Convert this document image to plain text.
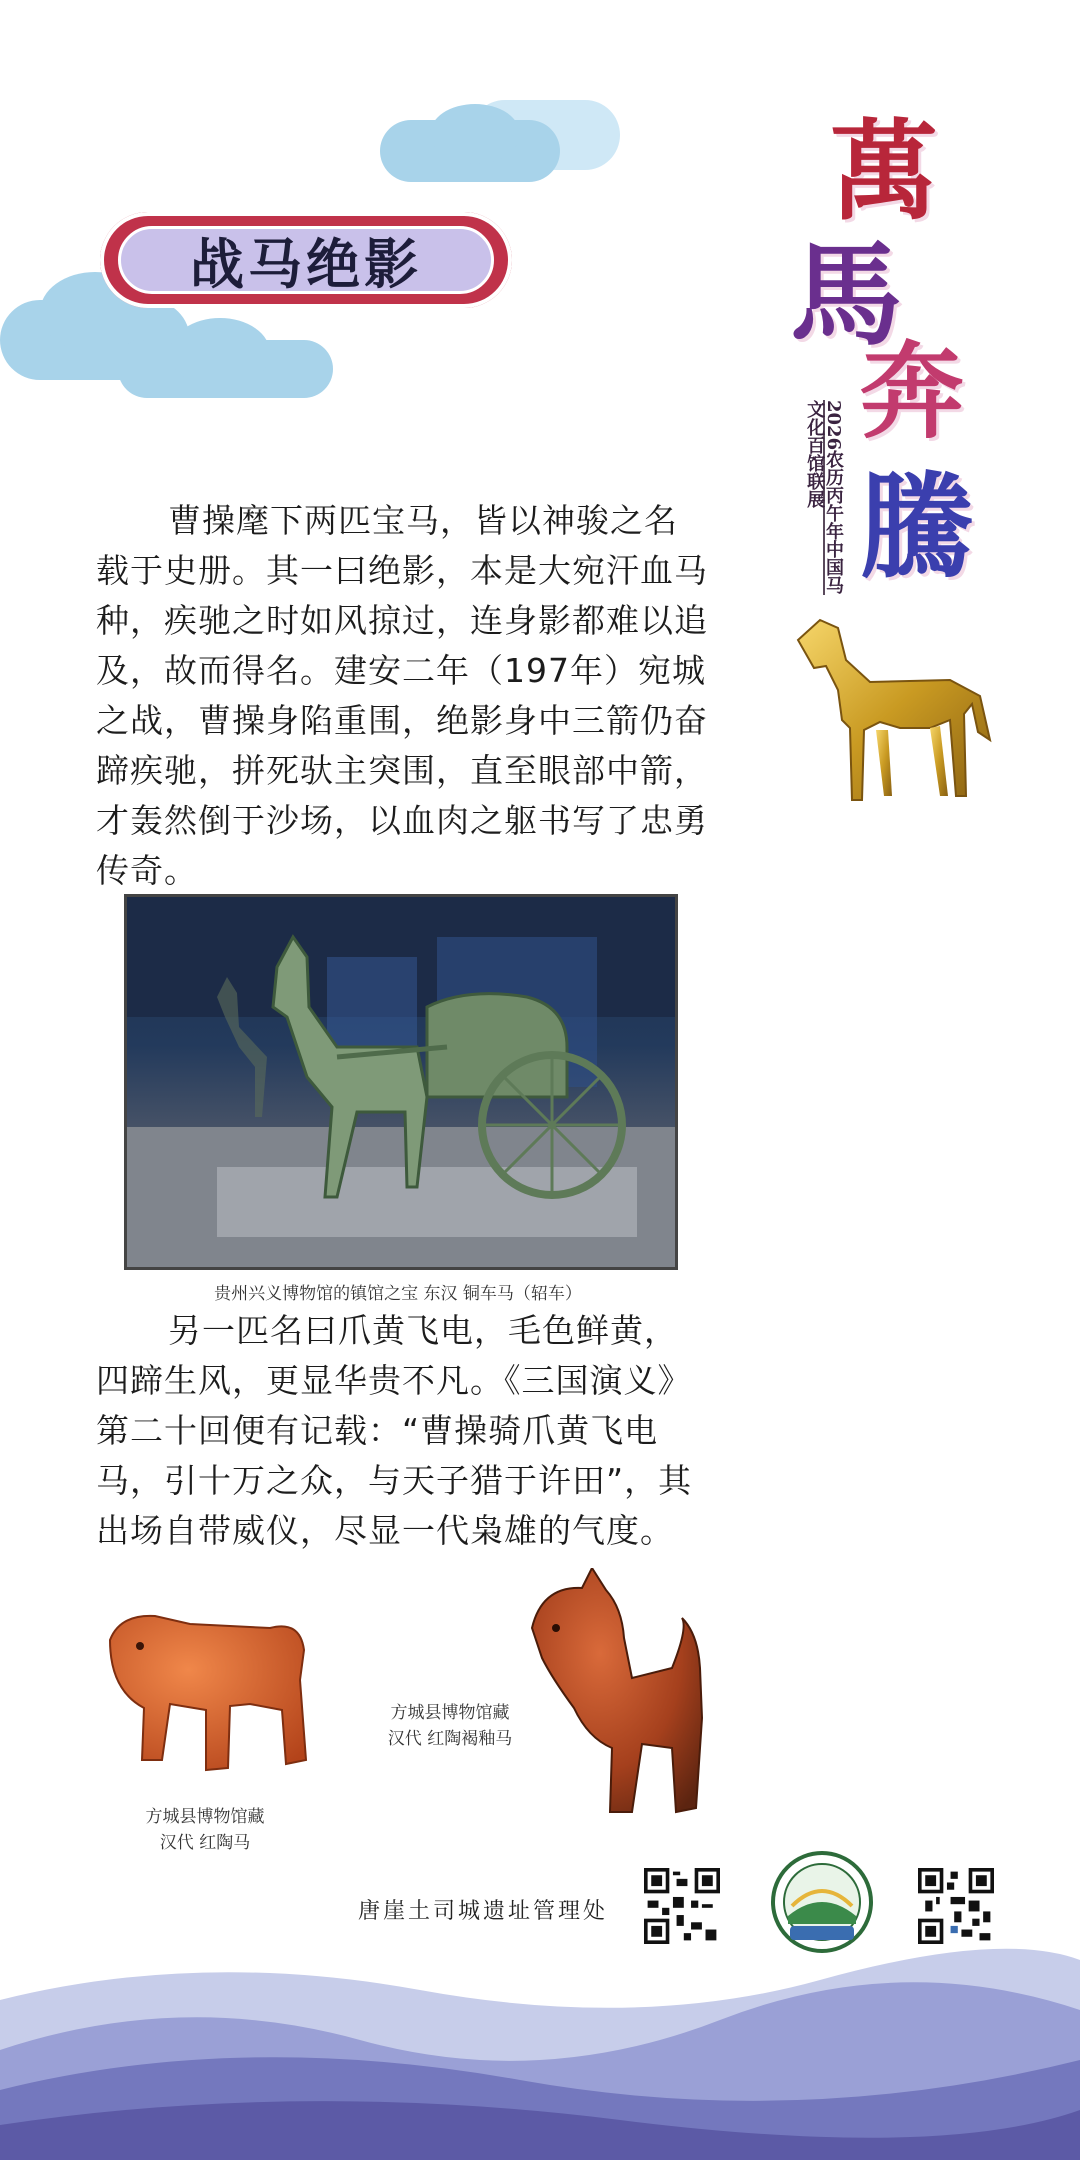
战马绝影
萬
馬
奔
騰
2026农历丙午年中国马文化百馆联展

曹操麾下两匹宝马，皆以神骏之名载于史册。其一曰绝影，本是大宛汗血马种，疾驰之时如风掠过，连身影都难以追及，故而得名。建安二年（197年）宛城之战，曹操身陷重围，绝影身中三箭仍奋蹄疾驰，拼死驮主突围，直至眼部中箭，才轰然倒于沙场，以血肉之躯书写了忠勇传奇。

贵州兴义博物馆的镇馆之宝 东汉 铜车马（轺车）

另一匹名曰爪黄飞电，毛色鲜黄，四蹄生风，更显华贵不凡。《三国演义》第二十回便有记载：“曹操骑爪黄飞电马，引十万之众，与天子猎于许田”，其出场自带威仪，尽显一代枭雄的气度。

方城县博物馆藏
汉代 红陶马
方城县博物馆藏
汉代 红陶褐釉马
唐崖土司城遗址管理处
